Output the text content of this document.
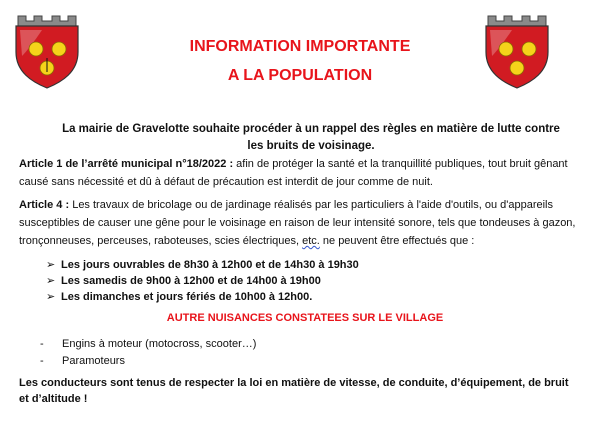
INFORMATION IMPORTANTE
A LA POPULATION
La mairie de Gravelotte souhaite procéder à un rappel des règles en matière de lutte contre les bruits de voisinage.

Article 1 de l’arrêté municipal n°18/2022 : afin de protéger la santé et la tranquillité publiques, tout bruit gênant causé sans nécessité et dû à défaut de précaution est interdit de jour comme de nuit.

Article 4 : Les travaux de bricolage ou de jardinage réalisés par les particuliers à l'aide d'outils, ou d'appareils susceptibles de causer une gêne pour le voisinage en raison de leur intensité sonore, tels que tondeuses à gazon, tronçonneuses, perceuses, raboteuses, scies électriques, etc. ne peuvent être effectués que :

➢ Les jours ouvrables de 8h30 à 12h00 et de 14h30 à 19h30
➢ Les samedis de 9h00 à 12h00 et de 14h00 à 19h00
➢ Les dimanches et jours fériés de 10h00 à 12h00.
AUTRE NUISANCES CONSTATEES SUR LE VILLAGE
- Engins à moteur (motocross, scooter…)
- Paramoteurs
Les conducteurs sont tenus de respecter la loi en matière de vitesse, de conduite, d’équipement, de bruit et d’altitude !
